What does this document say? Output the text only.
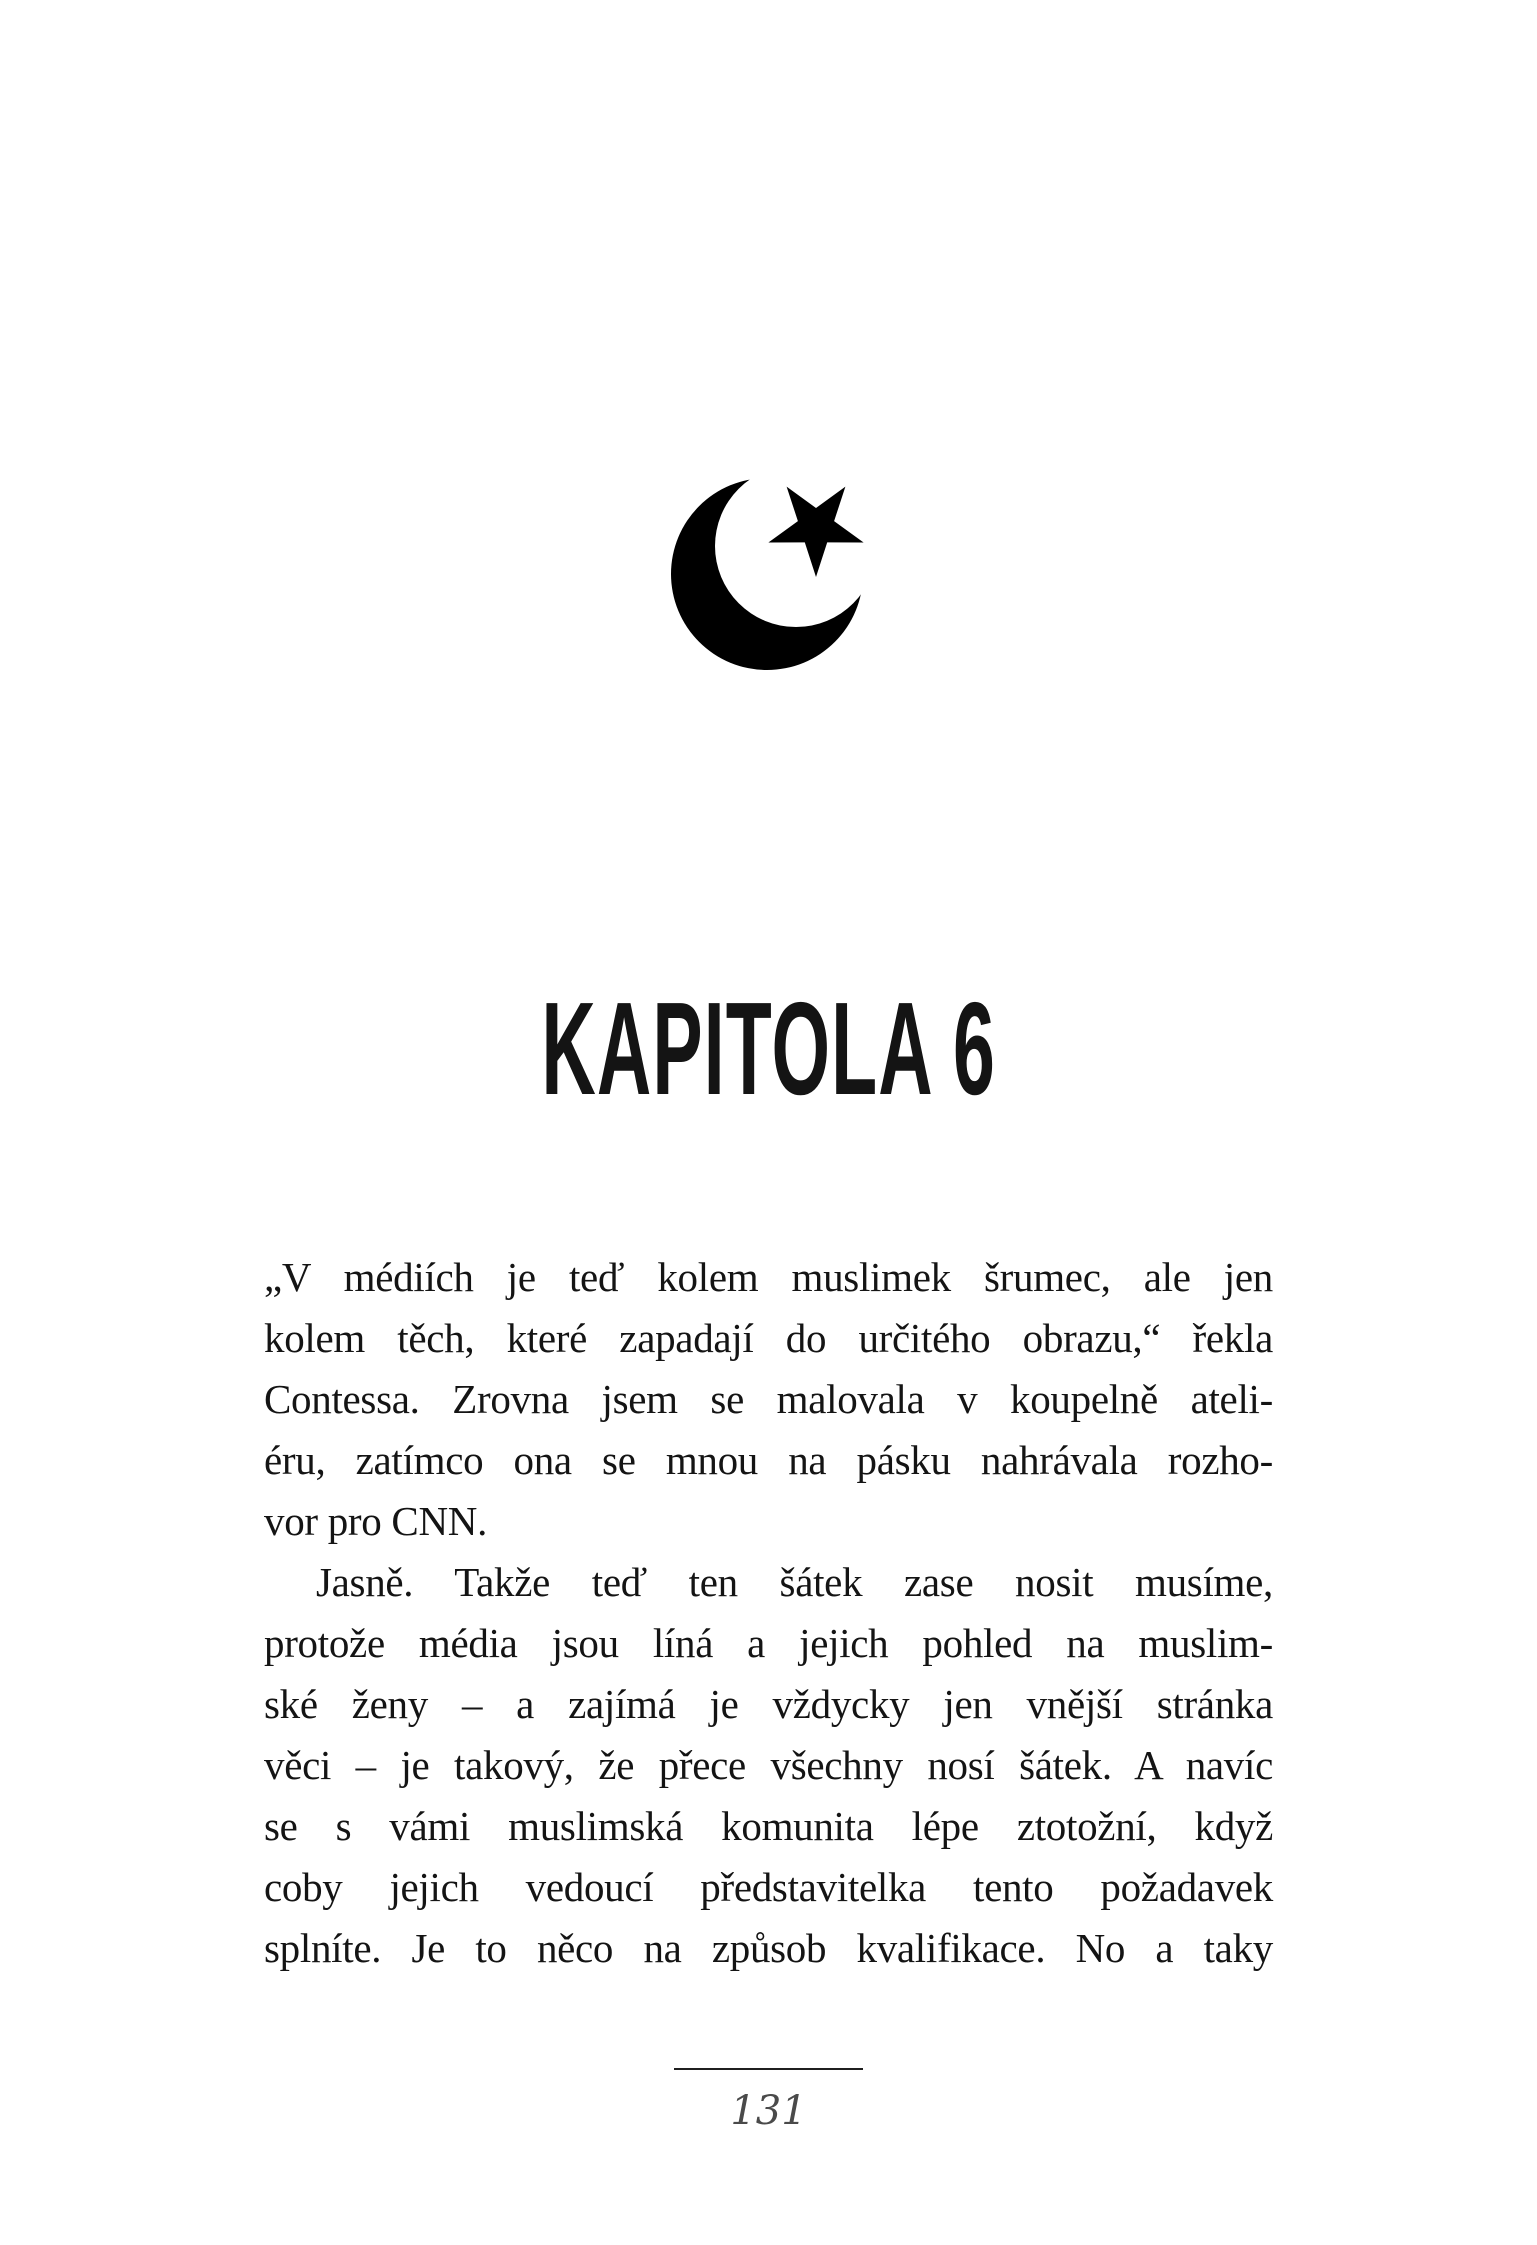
KAPITOLA 6
„V médiích je teď kolem muslimek šrumec, ale jen
kolem těch, které zapadají do určitého obrazu,“ řekla
Contessa. Zrovna jsem se malovala v koupelně ateli-
éru, zatímco ona se mnou na pásku nahrávala rozho-
vor pro CNN.
Jasně. Takže teď ten šátek zase nosit musíme,
protože média jsou líná a jejich pohled na muslim-
ské ženy – a zajímá je vždycky jen vnější stránka
věci – je takový, že přece všechny nosí šátek. A navíc
se s vámi muslimská komunita lépe ztotožní, když
coby jejich vedoucí představitelka tento požadavek
splníte. Je to něco na způsob kvalifikace. No a taky
131
